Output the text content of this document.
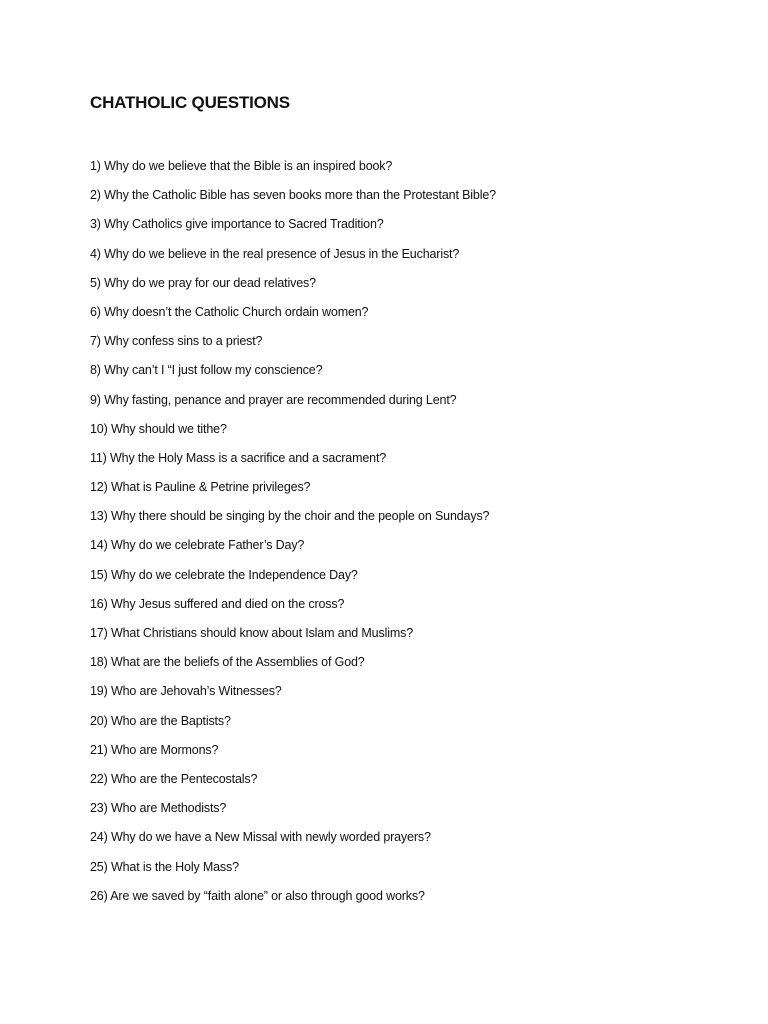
CHATHOLIC QUESTIONS
1) Why do we believe that the Bible is an inspired book?
2) Why the Catholic Bible has seven books more than the Protestant Bible?
3) Why Catholics give importance to Sacred Tradition?
4) Why do we believe in the real presence of Jesus in the Eucharist?
5) Why do we pray for our dead relatives?
6) Why doesn’t the Catholic Church ordain women?
7) Why confess sins to a priest?
8) Why can’t I “I just follow my conscience?
9) Why fasting, penance and prayer are recommended during Lent?
10) Why should we tithe?
11) Why the Holy Mass is a sacrifice and a sacrament?
12) What is Pauline & Petrine privileges?
13) Why there should be singing by the choir and the people on Sundays?
14) Why do we celebrate Father’s Day?
15) Why do we celebrate the Independence Day?
16) Why Jesus suffered and died on the cross?
17) What Christians should know about Islam and Muslims?
18) What are the beliefs of the Assemblies of God?
19) Who are Jehovah’s Witnesses?
20) Who are the Baptists?
21) Who are Mormons?
22) Who are the Pentecostals?
23) Who are Methodists?
24) Why do we have a New Missal with newly worded prayers?
25) What is the Holy Mass?
26) Are we saved by “faith alone” or also through good works?
